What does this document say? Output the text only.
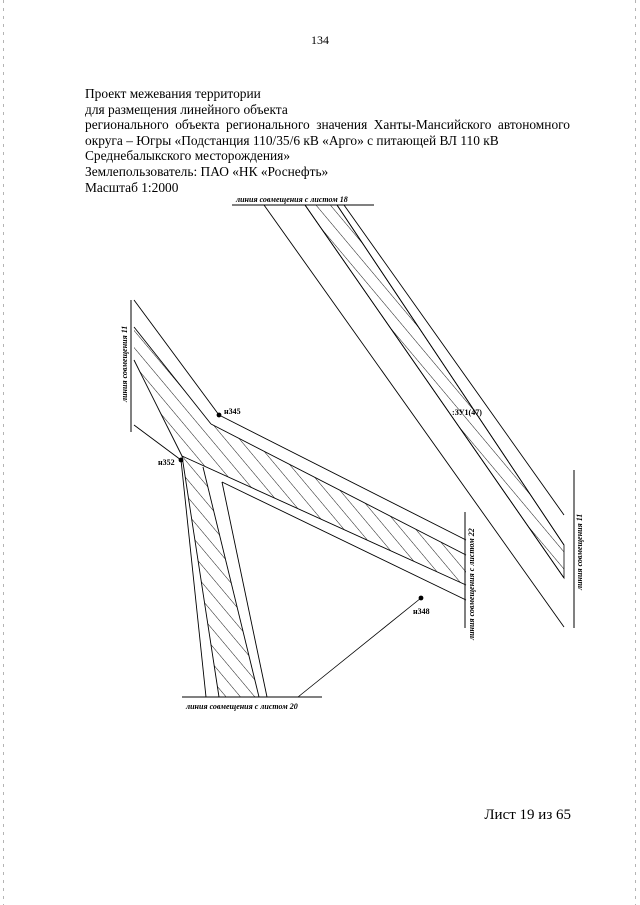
134
Проект межевания территории
для размещения линейного объекта
регионального объекта регионального значения Ханты-Мансийского автономного
округа – Югры «Подстанция 110/35/6 кВ «Арго» с питающей ВЛ 110 кВ
Среднебалыкского месторождения»
Землепользователь: ПАО «НК «Роснефть»
Масштаб 1:2000
линия совмещения с листом 18
линия совмещения 11
:ЗУ1(47)
линия совмещения 11
линия совмещения с листом 22
линия совмещения с листом 20
н345
н352
н348
Лист 19 из 65
